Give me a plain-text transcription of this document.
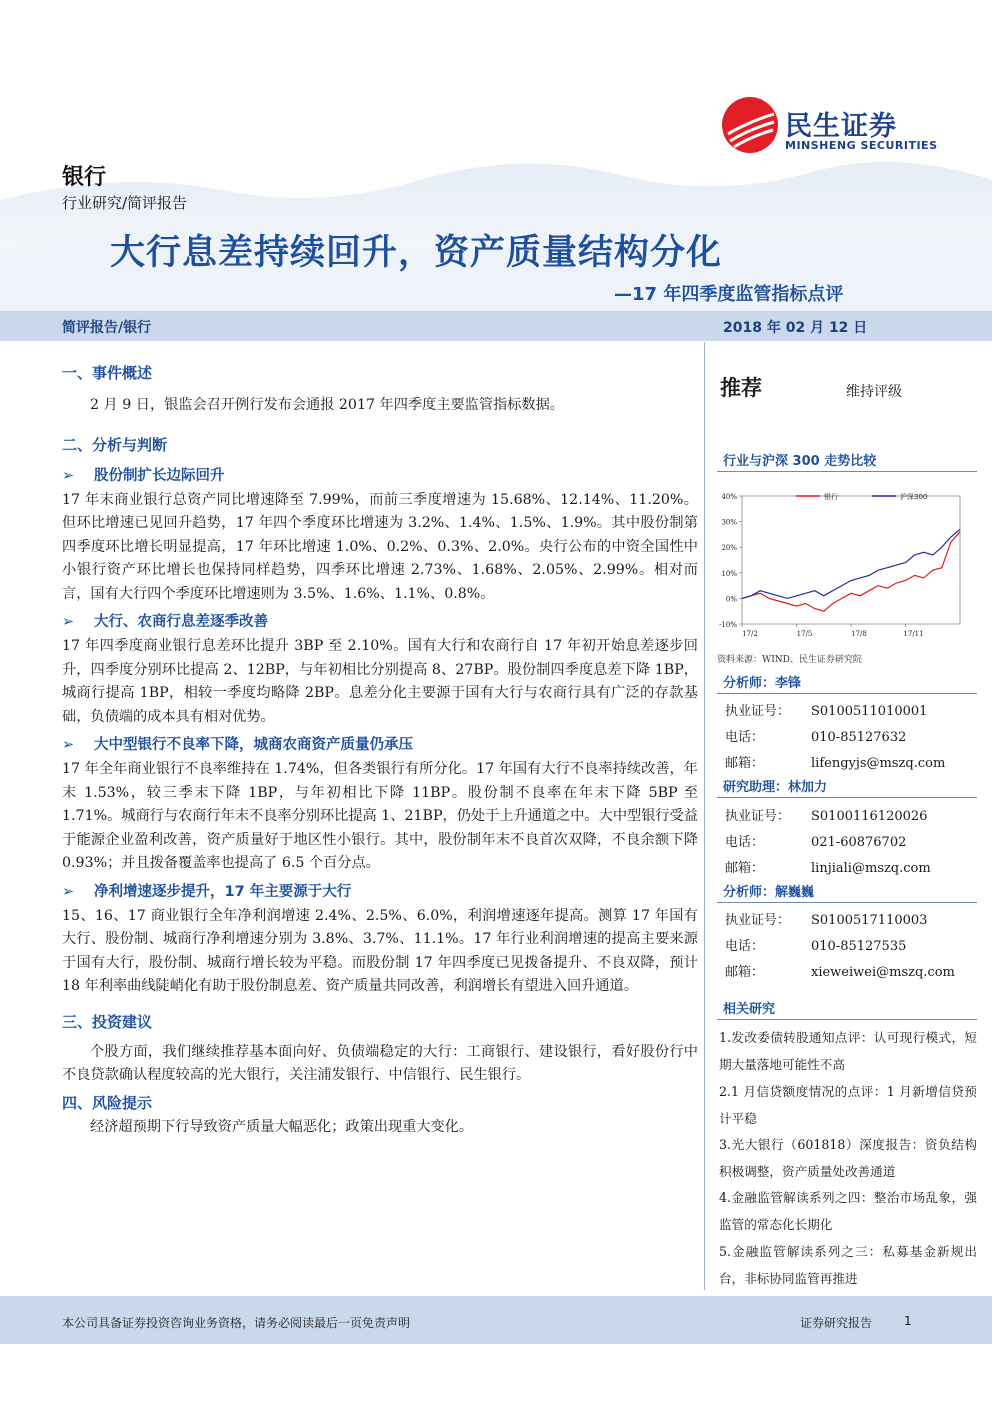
民生证券
MINSHENG SECURITIES
银行
行业研究/简评报告
大行息差持续回升，资产质量结构分化
—17 年四季度监管指标点评
简评报告/银行	2018 年 02 月 12 日
一、事件概述
2 月 9 日，银监会召开例行发布会通报 2017 年四季度主要监管指标数据。
二、分析与判断
➢ 股份制扩长边际回升
17 年末商业银行总资产同比增速降至 7.99%，而前三季度增速为 15.68%、12.14%、11.20%。但环比增速已见回升趋势，17 年四个季度环比增速为 3.2%、1.4%、1.5%、1.9%。其中股份制第四季度环比增长明显提高，17 年环比增速 1.0%、0.2%、0.3%、2.0%。央行公布的中资全国性中小银行资产环比增长也保持同样趋势，四季环比增速 2.73%、1.68%、2.05%、2.99%。相对而言，国有大行四个季度环比增速则为 3.5%、1.6%、1.1%、0.8%。
➢ 大行、农商行息差逐季改善
17 年四季度商业银行息差环比提升 3BP 至 2.10%。国有大行和农商行自 17 年初开始息差逐步回升，四季度分别环比提高 2、12BP，与年初相比分别提高 8、27BP。股份制四季度息差下降 1BP，城商行提高 1BP，相较一季度均略降 2BP。息差分化主要源于国有大行与农商行具有广泛的存款基础，负债端的成本具有相对优势。
➢ 大中型银行不良率下降，城商农商资产质量仍承压
17 年全年商业银行不良率维持在 1.74%，但各类银行有所分化。17 年国有大行不良率持续改善，年末 1.53%，较三季末下降 1BP，与年初相比下降 11BP。股份制不良率在年末下降 5BP 至 1.71%。城商行与农商行年末不良率分别环比提高 1、21BP，仍处于上升通道之中。大中型银行受益于能源企业盈利改善，资产质量好于地区性小银行。其中，股份制年末不良首次双降，不良余额下降 0.93%；并且拨备覆盖率也提高了 6.5 个百分点。
➢ 净利增速逐步提升，17 年主要源于大行
15、16、17 商业银行全年净利润增速 2.4%、2.5%、6.0%，利润增速逐年提高。测算 17 年国有大行、股份制、城商行净利增速分别为 3.8%、3.7%、11.1%。17 年行业利润增速的提高主要来源于国有大行，股份制、城商行增长较为平稳。而股份制 17 年四季度已见拨备提升、不良双降，预计 18 年利率曲线陡峭化有助于股份制息差、资产质量共同改善，利润增长有望进入回升通道。
三、投资建议
个股方面，我们继续推荐基本面向好、负债端稳定的大行：工商银行、建设银行，看好股份行中不良贷款确认程度较高的光大银行，关注浦发银行、中信银行、民生银行。
四、风险提示
经济超预期下行导致资产质量大幅恶化；政策出现重大变化。
推荐	维持评级
行业与沪深 300 走势比较
40%
30%
20%
10%
0%
-10%
17/2	17/5	17/8	17/11
银行	沪深300
资料来源：WIND、民生证券研究院
分析师：李锋
执业证号： S0100511010001
电话：	010-85127632
邮箱：	lifengyjs@mszq.com
研究助理：林加力
执业证号： S0100116120026
电话：	021-60876702
邮箱：	linjiali@mszq.com
分析师：解巍巍
执业证号： S0100517110003
电话：	010-85127535
邮箱：	xieweiwei@mszq.com
相关研究
1.发改委债转股通知点评：认可现行模式，短期大量落地可能性不高
2.1 月信贷额度情况的点评：1 月新增信贷预计平稳
3.光大银行（601818）深度报告：资负结构积极调整，资产质量处改善通道
4.金融监管解读系列之四：整治市场乱象，强监管的常态化长期化
5.金融监管解读系列之三：私募基金新规出台，非标协同监管再推进
本公司具备证券投资咨询业务资格，请务必阅读最后一页免责声明	证券研究报告	1
